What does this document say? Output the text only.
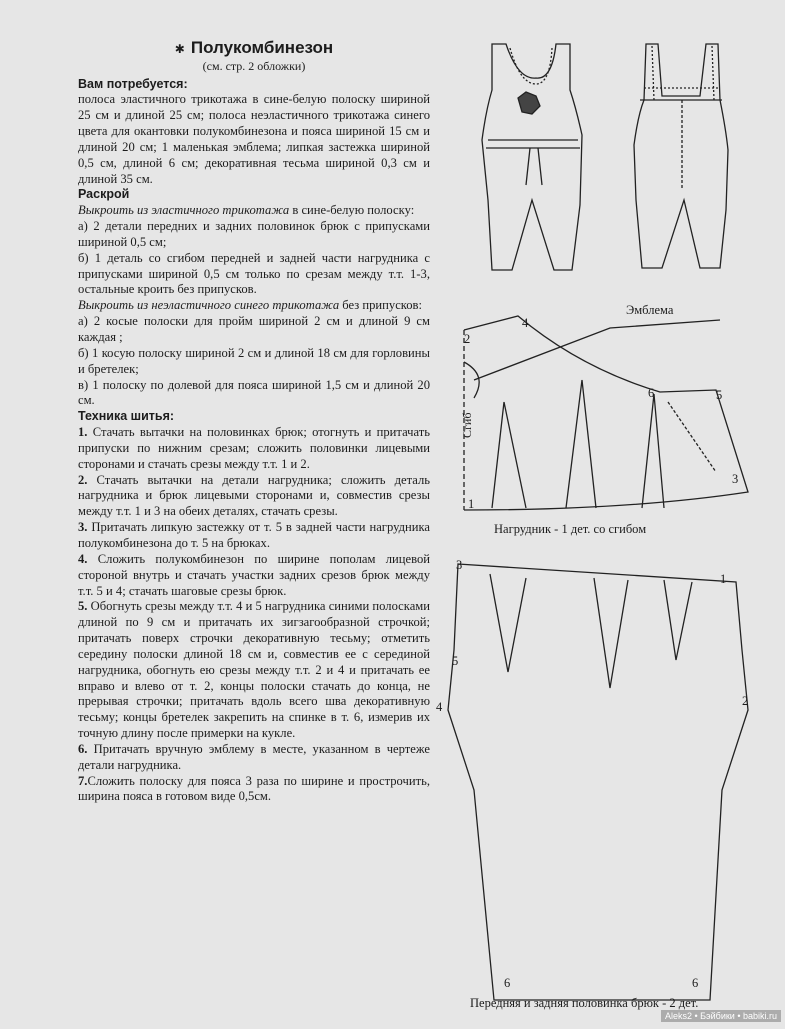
✱ Полукомбинезон

(см. стр. 2 обложки)

Вам потребуется:

полоса эластичного трикотажа в сине-белую полоску шириной 25 см и длиной 25 см; полоса неэластичного трикотажа синего цвета для окантовки полукомбинезона и пояса шириной 15 см и длиной 20 см; 1 маленькая эмблема; липкая застежка шириной 0,5 см, длиной 6 см; декоративная тесьма шириной 0,3 см и длиной 35 см.

Раскрой

Выкроить из эластичного трикотажа в сине-белую полоску:

а) 2 детали передних и задних половинок брюк с припусками шириной 0,5 см;

б) 1 деталь со сгибом передней и задней части нагрудника с припусками шириной 0,5 см только по срезам между т.т. 1-3, остальные кроить без припусков.

Выкроить из неэластичного синего трикотажа без припусков:

а) 2 косые полоски для пройм шириной 2 см и длиной 9 см каждая ;

б) 1 косую полоску шириной 2 см и длиной 18 см для горловины и бретелек;

в) 1 полоску по долевой для пояса шириной 1,5 см и длиной 20 см.

Техника шитья:

1. Стачать вытачки на половинках брюк; отогнуть и притачать припуски по нижним срезам; сложить половинки лицевыми сторонами и стачать срезы между т.т. 1 и 2.

2. Стачать вытачки на детали нагрудника; сложить деталь нагрудника и брюк лицевыми сторонами и, совместив срезы между т.т. 1 и 3 на обеих деталях, стачать срезы.

3. Притачать липкую застежку от т. 5 в задней части нагрудника полукомбинезона до т. 5 на брюках.

4. Сложить полукомбинезон по ширине пополам лицевой стороной внутрь и стачать участки задних срезов брюк между т.т. 5 и 4; стачать шаговые срезы брюк.

5. Обогнуть срезы между т.т. 4 и 5 нагрудника синими полосками длиной по 9 см и притачать их зигзагообразной строчкой; притачать поверх строчки декоративную тесьму; отметить середину полоски длиной 18 см и, совместив ее с серединой нагрудника, обогнуть ею срезы между т.т. 2 и 4 и притачать ее вправо и влево от т. 2, концы полоски стачать до конца, не прерывая строчки; притачать вдоль всего шва декоративную тесьму; концы бретелек закрепить на спинке в т. 6, измерив их точную длину после примерки на кукле.

6. Притачать вручную эмблему в месте, указанном в чертеже детали нагрудника.

7.Сложить полоску для пояса 3 раза по ширине и прострочить, ширина пояса в готовом виде 0,5см.

Эмблема
Сгиб
1
2
3
4
5
6
Нагрудник - 1 дет. со сгибом
1
2
3
4
5
6	6
Передняя и задняя половинка брюк - 2 дет.
Aleks2 • Бэйбики • babiki.ru
